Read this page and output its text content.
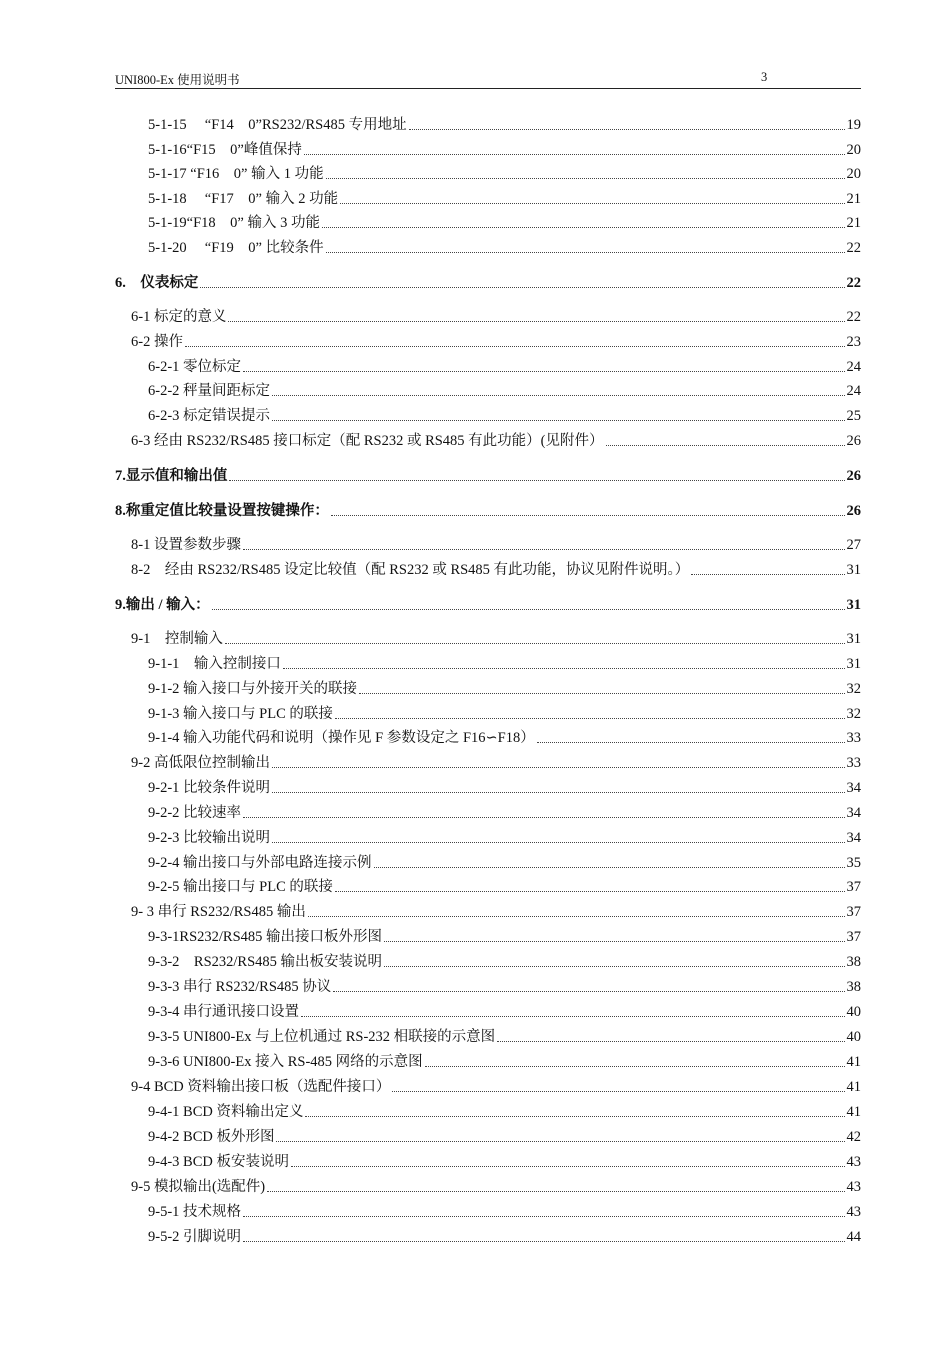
UNI800-Ex 使用说明书	3
5-1-15　 “F14　0”RS232/RS485 专用地址	19
5-1-16“F15　0”峰值保持	20
5-1-17 “F16　0” 输入 1 功能	20
5-1-18　 “F17　0” 输入 2 功能	21
5-1-19“F18　0” 输入 3 功能	21
5-1-20　 “F19　0” 比较条件	22
6.　仪表标定	22
6-1 标定的意义	22
6-2 操作	23
6-2-1 零位标定	24
6-2-2 秤量间距标定	24
6-2-3 标定错误提示	25
6-3 经由 RS232/RS485 接口标定（配 RS232 或 RS485 有此功能）(见附件）	26
7.显示值和输出值	26
8.称重定值比较量设置按键操作：	26
8-1 设置参数步骤	27
8-2　经由 RS232/RS485 设定比较值（配 RS232 或 RS485 有此功能，协议见附件说明。）	31
9.输出 / 输入：	31
9-1　控制输入	31
9-1-1　输入控制接口	31
9-1-2 输入接口与外接开关的联接	32
9-1-3 输入接口与 PLC 的联接	32
9-1-4 输入功能代码和说明（操作见 F 参数设定之 F16∽F18）	33
9-2 高低限位控制输出	33
9-2-1 比较条件说明	34
9-2-2 比较速率	34
9-2-3 比较输出说明	34
9-2-4 输出接口与外部电路连接示例	35
9-2-5 输出接口与 PLC 的联接	37
9- 3 串行 RS232/RS485 输出	37
9-3-1RS232/RS485 输出接口板外形图	37
9-3-2　RS232/RS485 输出板安装说明	38
9-3-3 串行 RS232/RS485 协议	38
9-3-4 串行通讯接口设置	40
9-3-5 UNI800-Ex 与上位机通过 RS-232 相联接的示意图	40
9-3-6 UNI800-Ex 接入 RS-485 网络的示意图	41
9-4 BCD 资料输出接口板（选配件接口）	41
9-4-1 BCD 资料输出定义	41
9-4-2 BCD 板外形图	42
9-4-3 BCD 板安装说明	43
9-5 模拟输出(选配件)	43
9-5-1 技术规格	43
9-5-2 引脚说明	44
